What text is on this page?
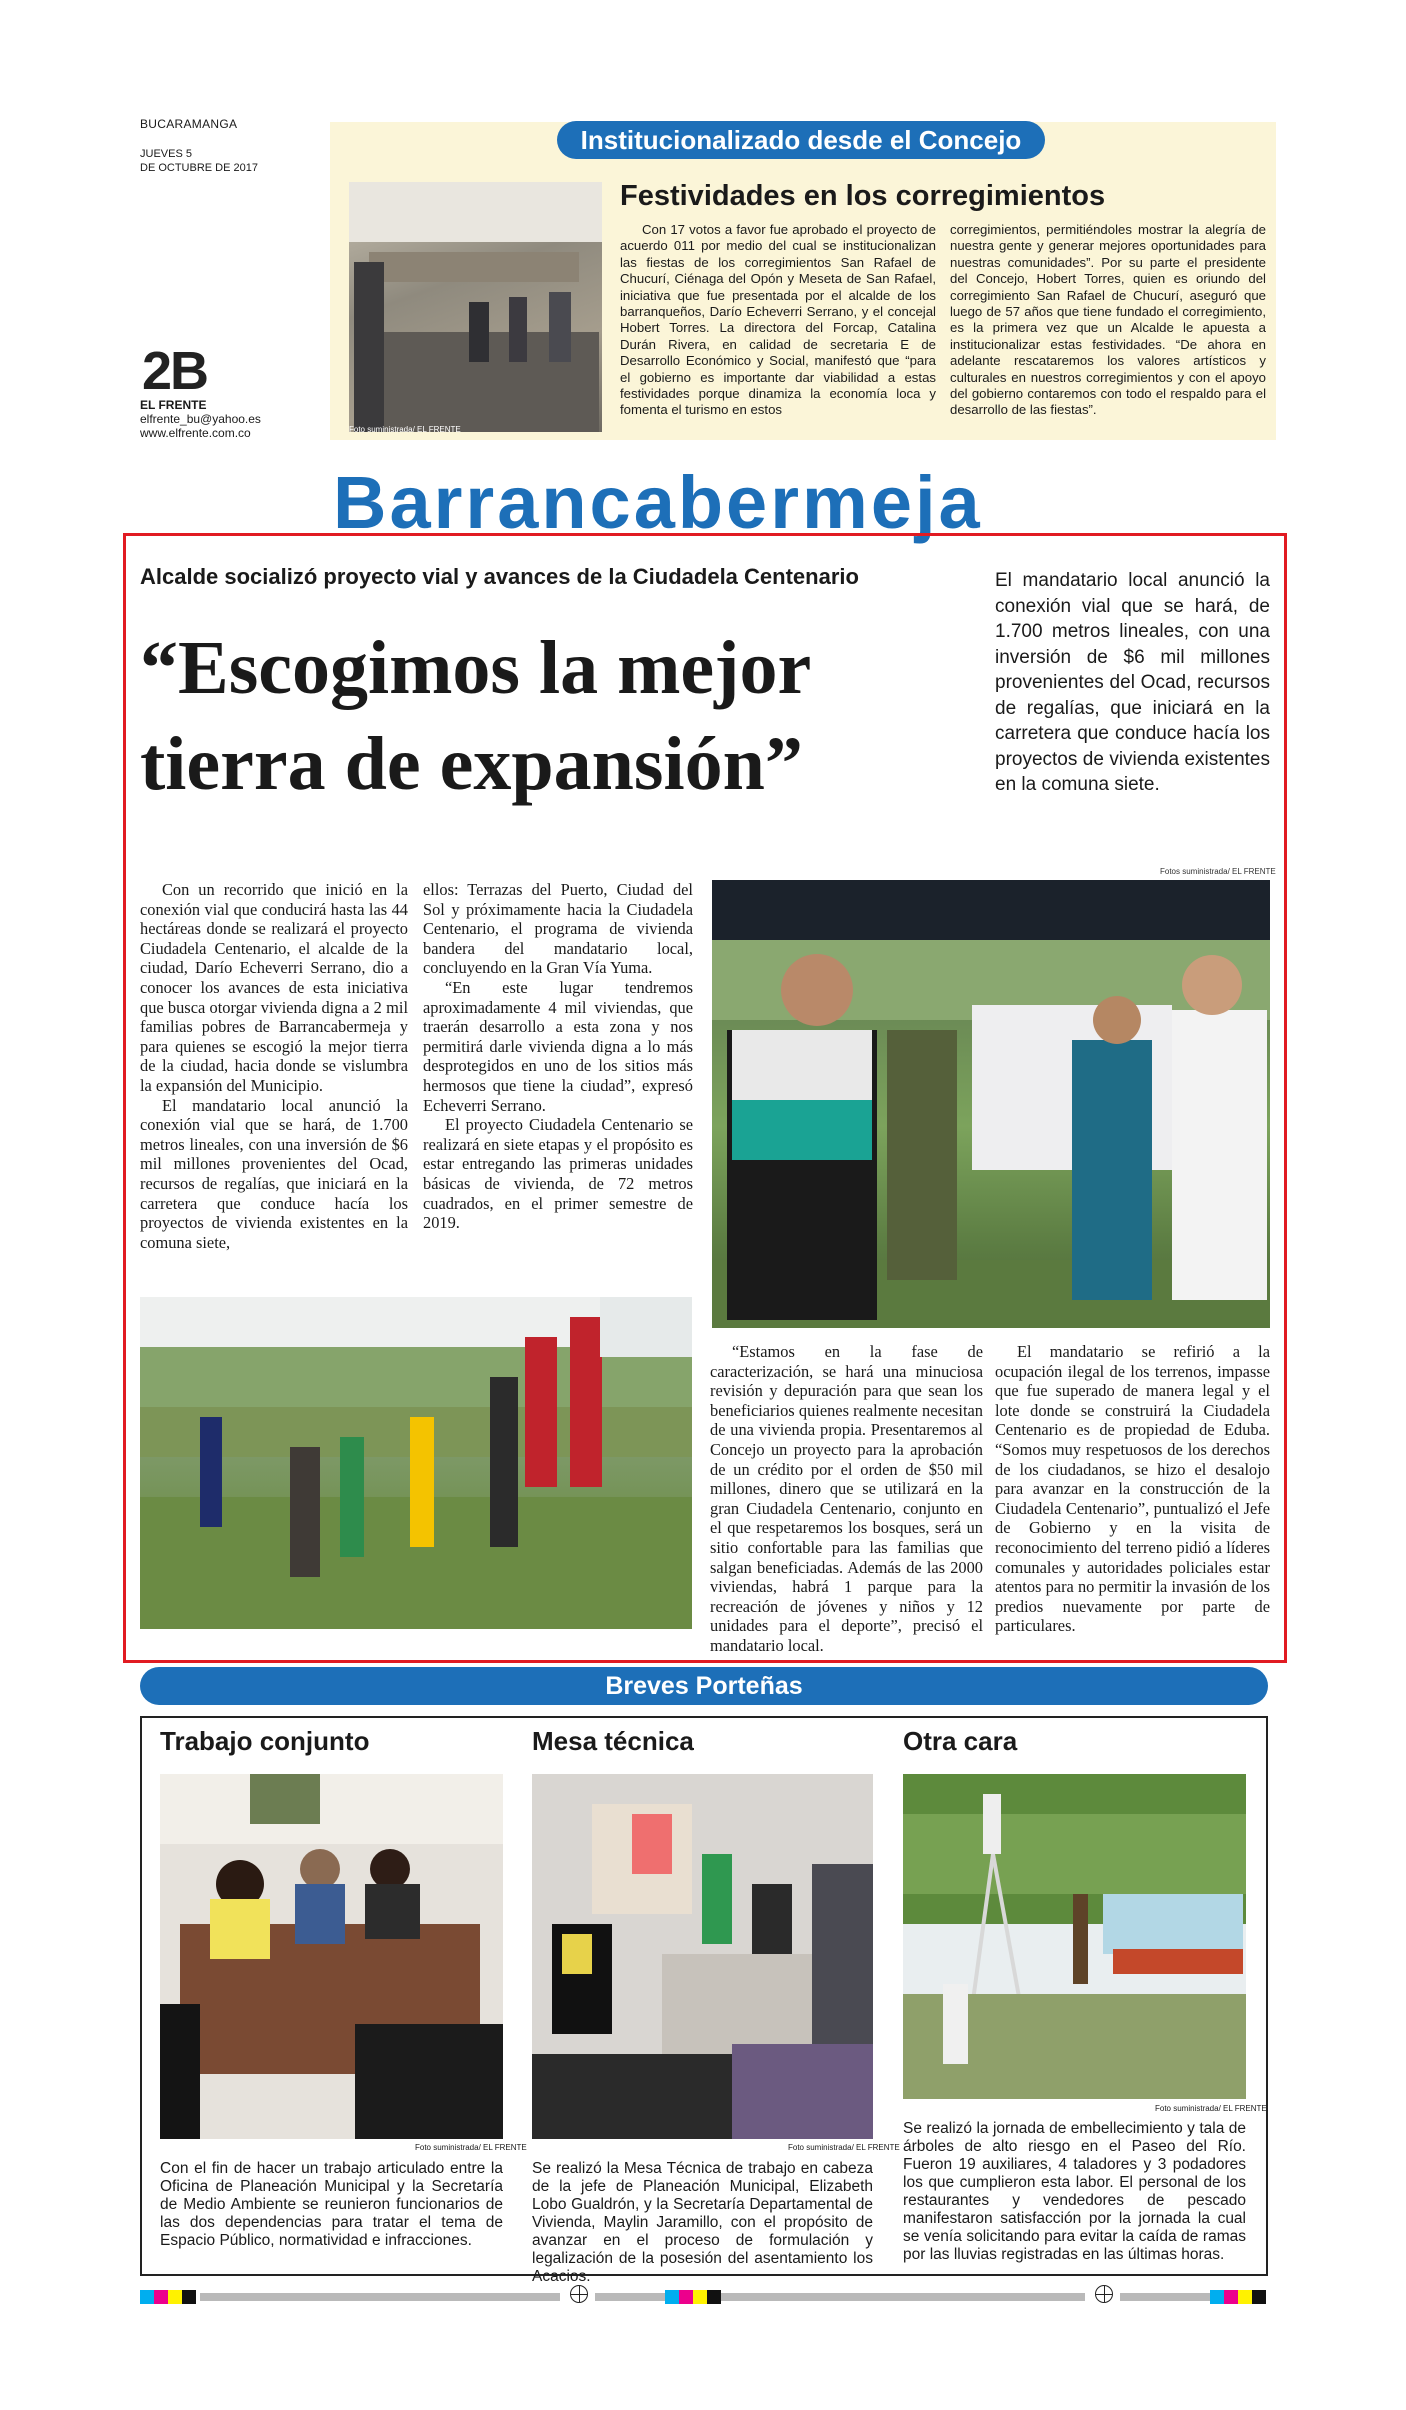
BUCARAMANGA
JUEVES 5
DE OCTUBRE DE 2017
2B
EL FRENTE
elfrente_bu@yahoo.es
www.elfrente.com.co
Institucionalizado desde el Concejo
Foto suministrada/ EL FRENTE
Festividades en los corregimientos

Con 17 votos a favor fue aprobado el proyecto de acuerdo 011 por medio del cual se institucionalizan las fiestas de los corregimientos San Rafael de Chucurí, Ciénaga del Opón y Meseta de San Rafael, iniciativa que fue presentada por el alcalde de los barranqueños, Darío Echeverri Serrano, y el concejal Hobert Torres. La directora del Forcap, Catalina Durán Rivera, en calidad de secretaria E de Desarrollo Económico y Social, manifestó que “para el gobierno es importante dar viabilidad a estas festividades porque dinamiza la economía loca y fomenta el turismo en estos

corregimientos, permitiéndoles mostrar la alegría de nuestra gente y generar mejores oportunidades para nuestras comunidades”. Por su parte el presidente del Concejo, Hobert Torres, quien es oriundo del corregimiento San Rafael de Chucurí, aseguró que luego de 57 años que tiene fundado el corregimiento, es la primera vez que un Alcalde le apuesta a institucionalizar estas festividades. “De ahora en adelante rescataremos los valores artísticos y culturales en nuestros corregimientos y con el apoyo del gobierno contaremos con todo el respaldo para el desarrollo de las fiestas”.

Barrancabermeja
Alcalde socializó proyecto vial y avances de la Ciudadela Centenario
“Escogimos la mejor tierra de expansión”
El mandatario local anunció la conexión vial que se hará, de 1.700 metros lineales, con una inversión de $6 mil millones provenientes del Ocad, recursos de regalías, que iniciará en la carretera que conduce hacía los proyectos de vivienda existentes en la comuna siete.

Con un recorrido que inició en la conexión vial que conducirá hasta las 44 hectáreas donde se realizará el proyecto Ciudadela Centenario, el alcalde de la ciudad, Darío Echeverri Serrano, dio a conocer los avances de esta iniciativa que busca otorgar vivienda digna a 2 mil familias pobres de Barrancabermeja y para quienes se escogió la mejor tierra de la ciudad, hacia donde se vislumbra la expansión del Municipio.

El mandatario local anunció la conexión vial que se hará, de 1.700 metros lineales, con una inversión de $6 mil millones provenientes del Ocad, recursos de regalías, que iniciará en la carretera que conduce hacía los proyectos de vivienda existentes en la comuna siete,

ellos: Terrazas del Puerto, Ciudad del Sol y próximamente hacia la Ciudadela Centenario, el programa de vivienda bandera del mandatario local, concluyendo en la Gran Vía Yuma.

“En este lugar tendremos aproximadamente 4 mil viviendas, que traerán desarrollo a esta zona y nos permitirá darle vivienda digna a lo más desprotegidos en uno de los sitios más hermosos que tiene la ciudad”, expresó Echeverri Serrano.

El proyecto Ciudadela Centenario se realizará en siete etapas y el propósito es estar entregando las primeras unidades básicas de vivienda, de 72 metros cuadrados, en el primer semestre de 2019.

Fotos suministrada/ EL FRENTE

“Estamos en la fase de caracterización, se hará una minuciosa revisión y depuración para que sean los beneficiarios quienes realmente necesitan de una vivienda propia. Presentaremos al Concejo un proyecto para la aprobación de un crédito por el orden de $50 mil millones, dinero que se utilizará en la gran Ciudadela Centenario, conjunto en el que respetaremos los bosques, será un sitio confortable para las familias que salgan beneficiadas. Además de las 2000 viviendas, habrá 1 parque para la recreación de jóvenes y niños y 12 unidades para el deporte”, precisó el mandatario local.

El mandatario se refirió a la ocupación ilegal de los terrenos, impasse que fue superado de manera legal y el lote donde se construirá la Ciudadela Centenario es de propiedad de Eduba. “Somos muy respetuosos de los derechos de los ciudadanos, se hizo el desalojo para avanzar en la construcción de la Ciudadela Centenario”, puntualizó el Jefe de Gobierno y en la visita de reconocimiento del terreno pidió a líderes comunales y autoridades policiales estar atentos para no permitir la invasión de los predios nuevamente por parte de particulares.

Breves Porteñas
Trabajo conjunto
Foto suministrada/ EL FRENTE
Con el fin de hacer un trabajo articulado entre la Oficina de Planeación Municipal y la Secretaría de Medio Ambiente se reunieron funcionarios de las dos dependencias para tratar el tema de Espacio Público, normatividad e infracciones.
Mesa técnica
Foto suministrada/ EL FRENTE
Se realizó la Mesa Técnica de trabajo en cabeza de la jefe de Planeación Municipal, Elizabeth Lobo Gualdrón, y la Secretaría Departamental de Vivienda, Maylin Jaramillo, con el propósito de avanzar en el proceso de formulación y legalización de la posesión del asentamiento los Acacios.
Otra cara
Foto suministrada/ EL FRENTE
Se realizó la jornada de embellecimiento y tala de árboles de alto riesgo en el Paseo del Río. Fueron 19 auxiliares, 4 taladores y 3 podadores los que cumplieron esta labor. El personal de los restaurantes y vendedores de pescado manifestaron satisfacción por la jornada la cual se venía solicitando para evitar la caída de ramas por las lluvias registradas en las últimas horas.
